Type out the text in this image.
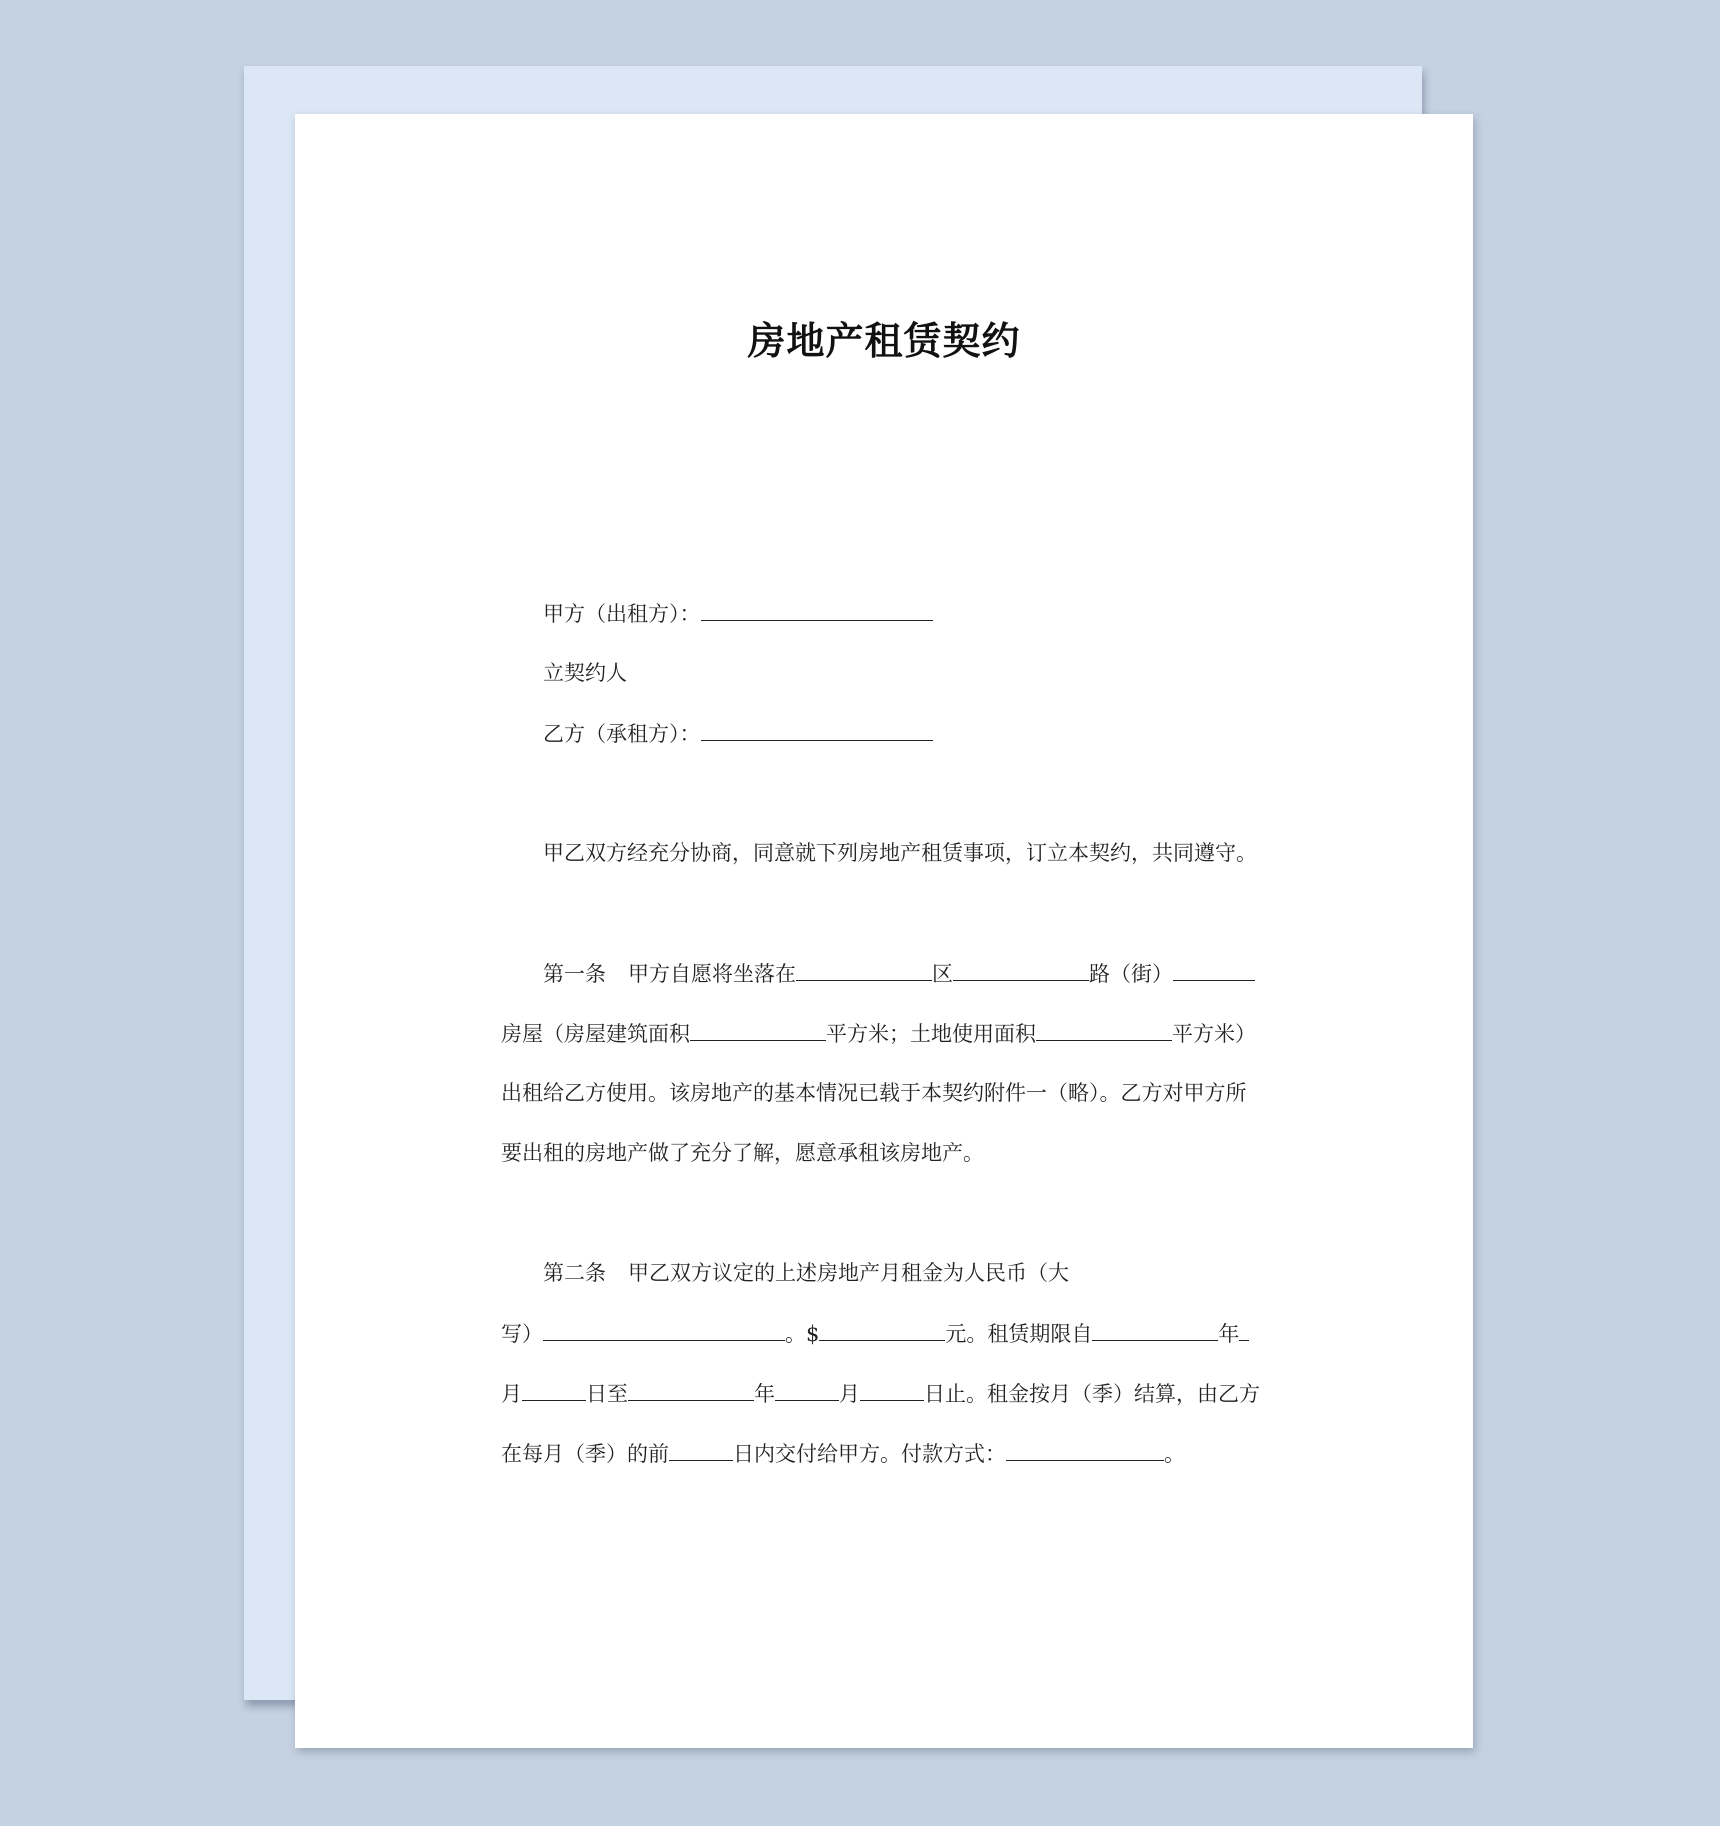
房地产租赁契约
甲方（出租方）：
立契约人
乙方（承租方）：
甲乙双方经充分协商，同意就下列房地产租赁事项，订立本契约，共同遵守。
第一条 甲方自愿将坐落在	区	路（街）
房屋（房屋建筑面积	平方米；土地使用面积	平方米）
出租给乙方使用。该房地产的基本情况已载于本契约附件一（略）。乙方对甲方所
要出租的房地产做了充分了解，愿意承租该房地产。
第二条 甲乙双方议定的上述房地产月租金为人民币（大
写）	。$	元。租赁期限自	年
月	日至	年	月	日止。租金按月（季）结算，由乙方
在每月（季）的前	日内交付给甲方。付款方式：	。
